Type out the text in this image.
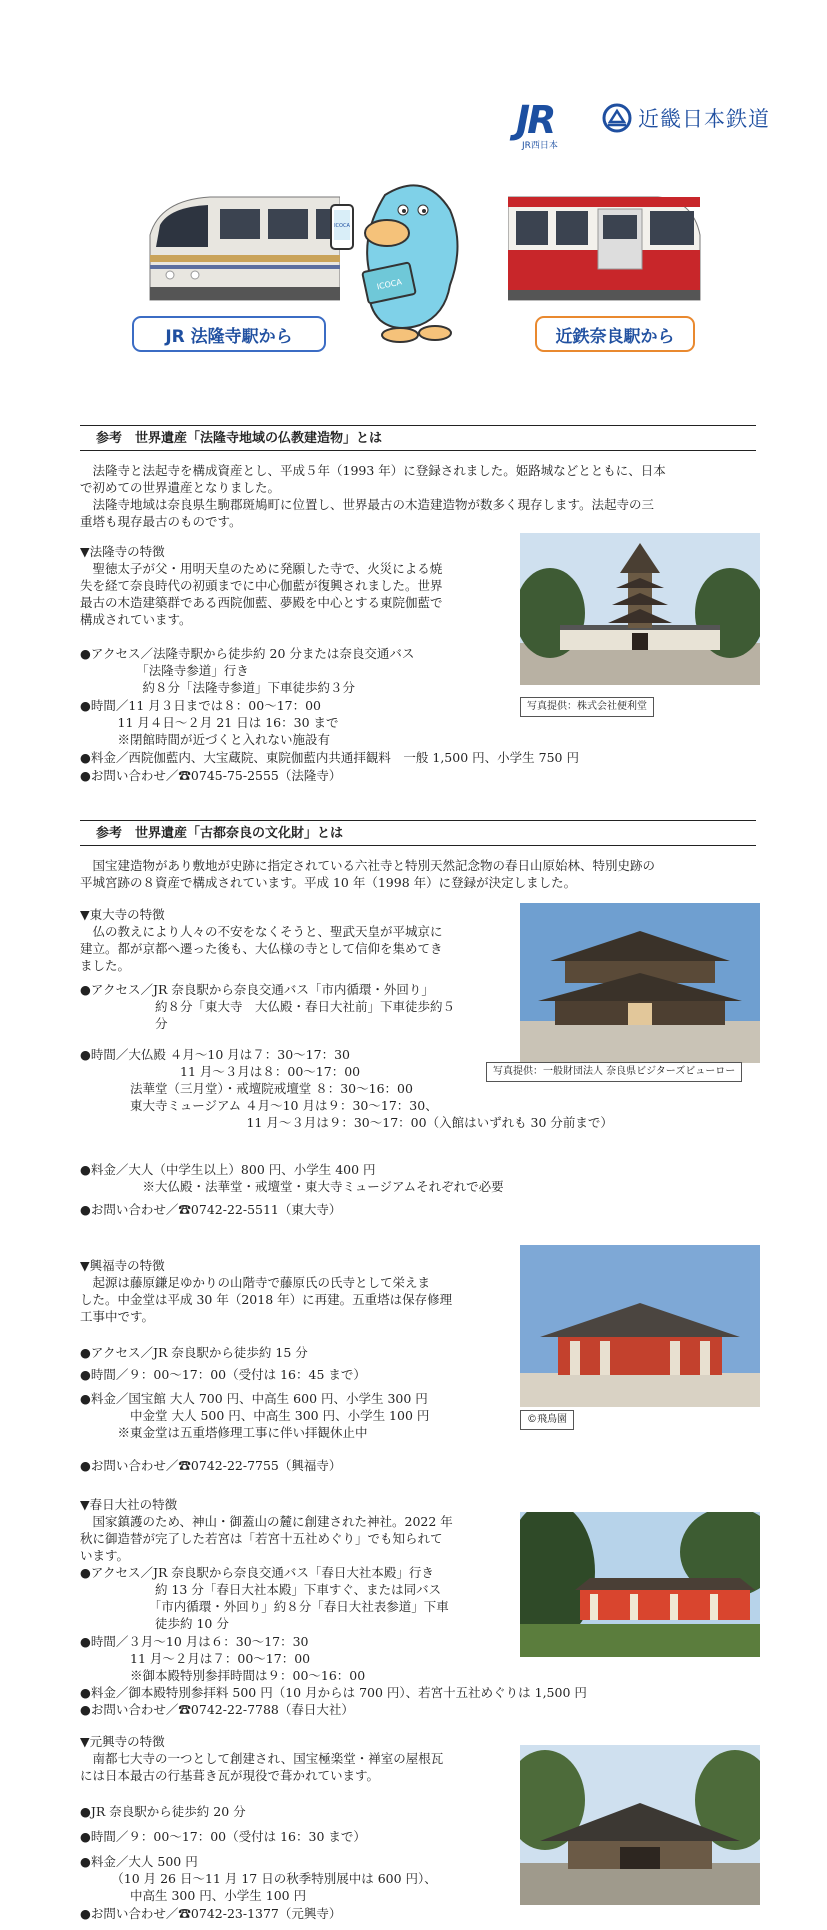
JR
JR西日本
近畿日本鉄道
ICOCA
ICOCA
JR 法隆寺駅から	近鉄奈良駅から
参考　世界遺産「法隆寺地域の仏教建造物」とは
　法隆寺と法起寺を構成資産とし、平成５年（1993 年）に登録されました。姫路城などとともに、日本
で初めての世界遺産となりました。
　法隆寺地域は奈良県生駒郡斑鳩町に位置し、世界最古の木造建造物が数多く現存します。法起寺の三
重塔も現存最古のものです。
▼法隆寺の特徴
　聖徳太子が父・用明天皇のために発願した寺で、火災による焼
失を経て奈良時代の初頭までに中心伽藍が復興されました。世界
最古の木造建築群である西院伽藍、夢殿を中心とする東院伽藍で
構成されています。
●アクセス／法隆寺駅から徒歩約 20 分または奈良交通バス
　　　　　「法隆寺参道」行き
　　　　　約８分「法隆寺参道」下車徒歩約３分
●時間／11 月３日までは８：00～17：00
　　　11 月４日～２月 21 日は 16：30 まで
　　　※閉館時間が近づくと入れない施設有
●料金／西院伽藍内、大宝蔵院、東院伽藍内共通拝観料　一般 1,500 円、小学生 750 円
●お問い合わせ／☎0745-75-2555（法隆寺）
写真提供：株式会社便利堂
参考　世界遺産「古都奈良の文化財」とは
　国宝建造物があり敷地が史跡に指定されている六社寺と特別天然記念物の春日山原始林、特別史跡の
平城宮跡の８資産で構成されています。平成 10 年（1998 年）に登録が決定しました。
▼東大寺の特徴
　仏の教えにより人々の不安をなくそうと、聖武天皇が平城京に
建立。都が京都へ遷った後も、大仏様の寺として信仰を集めてき
ました。
●アクセス／JR 奈良駅から奈良交通バス「市内循環・外回り」
　　　　　　約８分「東大寺　大仏殿・春日大社前」下車徒歩約５
　　　　　　分
●時間／大仏殿 ４月～10 月は７：30～17：30
　　　　　　　　11 月～３月は８：00～17：00
　　　　法華堂（三月堂）・戒壇院戒壇堂 ８：30～16：00
　　　　東大寺ミュージアム ４月～10 月は９：30～17：30、
　　　　　　　　　　　　　 11 月～３月は９：30～17：00（入館はいずれも 30 分前まで）
●料金／大人（中学生以上）800 円、小学生 400 円
　　　　　※大仏殿・法華堂・戒壇堂・東大寺ミュージアムそれぞれで必要
●お問い合わせ／☎0742-22-5511（東大寺）
写真提供：一般財団法人 奈良県ビジターズビューロー
▼興福寺の特徴
　起源は藤原鎌足ゆかりの山階寺で藤原氏の氏寺として栄えま
した。中金堂は平成 30 年（2018 年）に再建。五重塔は保存修理
工事中です。
●アクセス／JR 奈良駅から徒歩約 15 分
●時間／９：00～17：00（受付は 16：45 まで）
●料金／国宝館 大人 700 円、中高生 600 円、小学生 300 円
　　　　中金堂 大人 500 円、中高生 300 円、小学生 100 円
　　　※東金堂は五重塔修理工事に伴い拝観休止中
●お問い合わせ／☎0742-22-7755（興福寺）
©飛鳥園
▼春日大社の特徴
　国家鎮護のため、神山・御蓋山の麓に創建された神社。2022 年
秋に御造替が完了した若宮は「若宮十五社めぐり」でも知られて
います。
●アクセス／JR 奈良駅から奈良交通バス「春日大社本殿」行き
　　　　　　約 13 分「春日大社本殿」下車すぐ、または同バス
　　　　　　「市内循環・外回り」約８分「春日大社表参道」下車
　　　　　　徒歩約 10 分
●時間／３月～10 月は６：30～17：30
　　　　11 月～２月は７：00～17：00
　　　　※御本殿特別参拝時間は９：00～16：00
●料金／御本殿特別参拝料 500 円（10 月からは 700 円）、若宮十五社めぐりは 1,500 円
●お問い合わせ／☎0742-22-7788（春日大社）
▼元興寺の特徴
　南都七大寺の一つとして創建され、国宝極楽堂・禅室の屋根瓦
には日本最古の行基葺き瓦が現役で葺かれています。
●JR 奈良駅から徒歩約 20 分
●時間／９：00～17：00（受付は 16：30 まで）
●料金／大人 500 円
　　　（10 月 26 日～11 月 17 日の秋季特別展中は 600 円）、
　　　　中高生 300 円、小学生 100 円
●お問い合わせ／☎0742-23-1377（元興寺）
